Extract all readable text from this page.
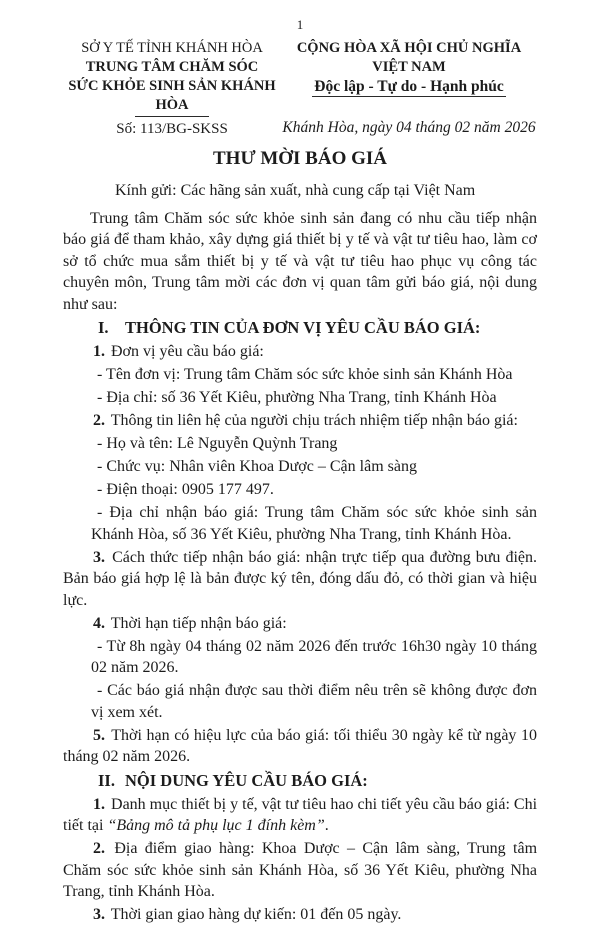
1
SỞ Y TẾ TỈNH KHÁNH HÒA
TRUNG TÂM CHĂM SÓC
SỨC KHỎE SINH SẢN KHÁNH HÒA
Số: 113/BG-SKSS
CỘNG HÒA XÃ HỘI CHỦ NGHĨA VIỆT NAM
Độc lập - Tự do - Hạnh phúc
Khánh Hòa, ngày 04 tháng 02 năm 2026
THƯ MỜI BÁO GIÁ

Kính gửi: Các hãng sản xuất, nhà cung cấp tại Việt Nam

Trung tâm Chăm sóc sức khỏe sinh sản đang có nhu cầu tiếp nhận báo giá để tham khảo, xây dựng giá thiết bị y tế và vật tư tiêu hao, làm cơ sở tổ chức mua sắm thiết bị y tế và vật tư tiêu hao phục vụ công tác chuyên môn, Trung tâm mời các đơn vị quan tâm gửi báo giá, nội dung như sau:

I. THÔNG TIN CỦA ĐƠN VỊ YÊU CẦU BÁO GIÁ:

1. Đơn vị yêu cầu báo giá:

- Tên đơn vị: Trung tâm Chăm sóc sức khỏe sinh sản Khánh Hòa

- Địa chỉ: số 36 Yết Kiêu, phường Nha Trang, tỉnh Khánh Hòa

2. Thông tin liên hệ của người chịu trách nhiệm tiếp nhận báo giá:

- Họ và tên: Lê Nguyễn Quỳnh Trang

- Chức vụ: Nhân viên Khoa Dược – Cận lâm sàng

- Điện thoại: 0905 177 497.

- Địa chỉ nhận báo giá: Trung tâm Chăm sóc sức khỏe sinh sản Khánh Hòa, số 36 Yết Kiêu, phường Nha Trang, tỉnh Khánh Hòa.

3. Cách thức tiếp nhận báo giá: nhận trực tiếp qua đường bưu điện. Bản báo giá hợp lệ là bản được ký tên, đóng dấu đỏ, có thời gian và hiệu lực.

4. Thời hạn tiếp nhận báo giá:

- Từ 8h ngày 04 tháng 02 năm 2026 đến trước 16h30 ngày 10 tháng 02 năm 2026.

- Các báo giá nhận được sau thời điểm nêu trên sẽ không được đơn vị xem xét.

5. Thời hạn có hiệu lực của báo giá: tối thiểu 30 ngày kể từ ngày 10 tháng 02 năm 2026.

II. NỘI DUNG YÊU CẦU BÁO GIÁ:

1. Danh mục thiết bị y tế, vật tư tiêu hao chi tiết yêu cầu báo giá: Chi tiết tại “Bảng mô tả phụ lục 1 đính kèm”.

2. Địa điểm giao hàng: Khoa Dược – Cận lâm sàng, Trung tâm Chăm sóc sức khỏe sinh sản Khánh Hòa, số 36 Yết Kiêu, phường Nha Trang, tỉnh Khánh Hòa.

3. Thời gian giao hàng dự kiến: 01 đến 05 ngày.
